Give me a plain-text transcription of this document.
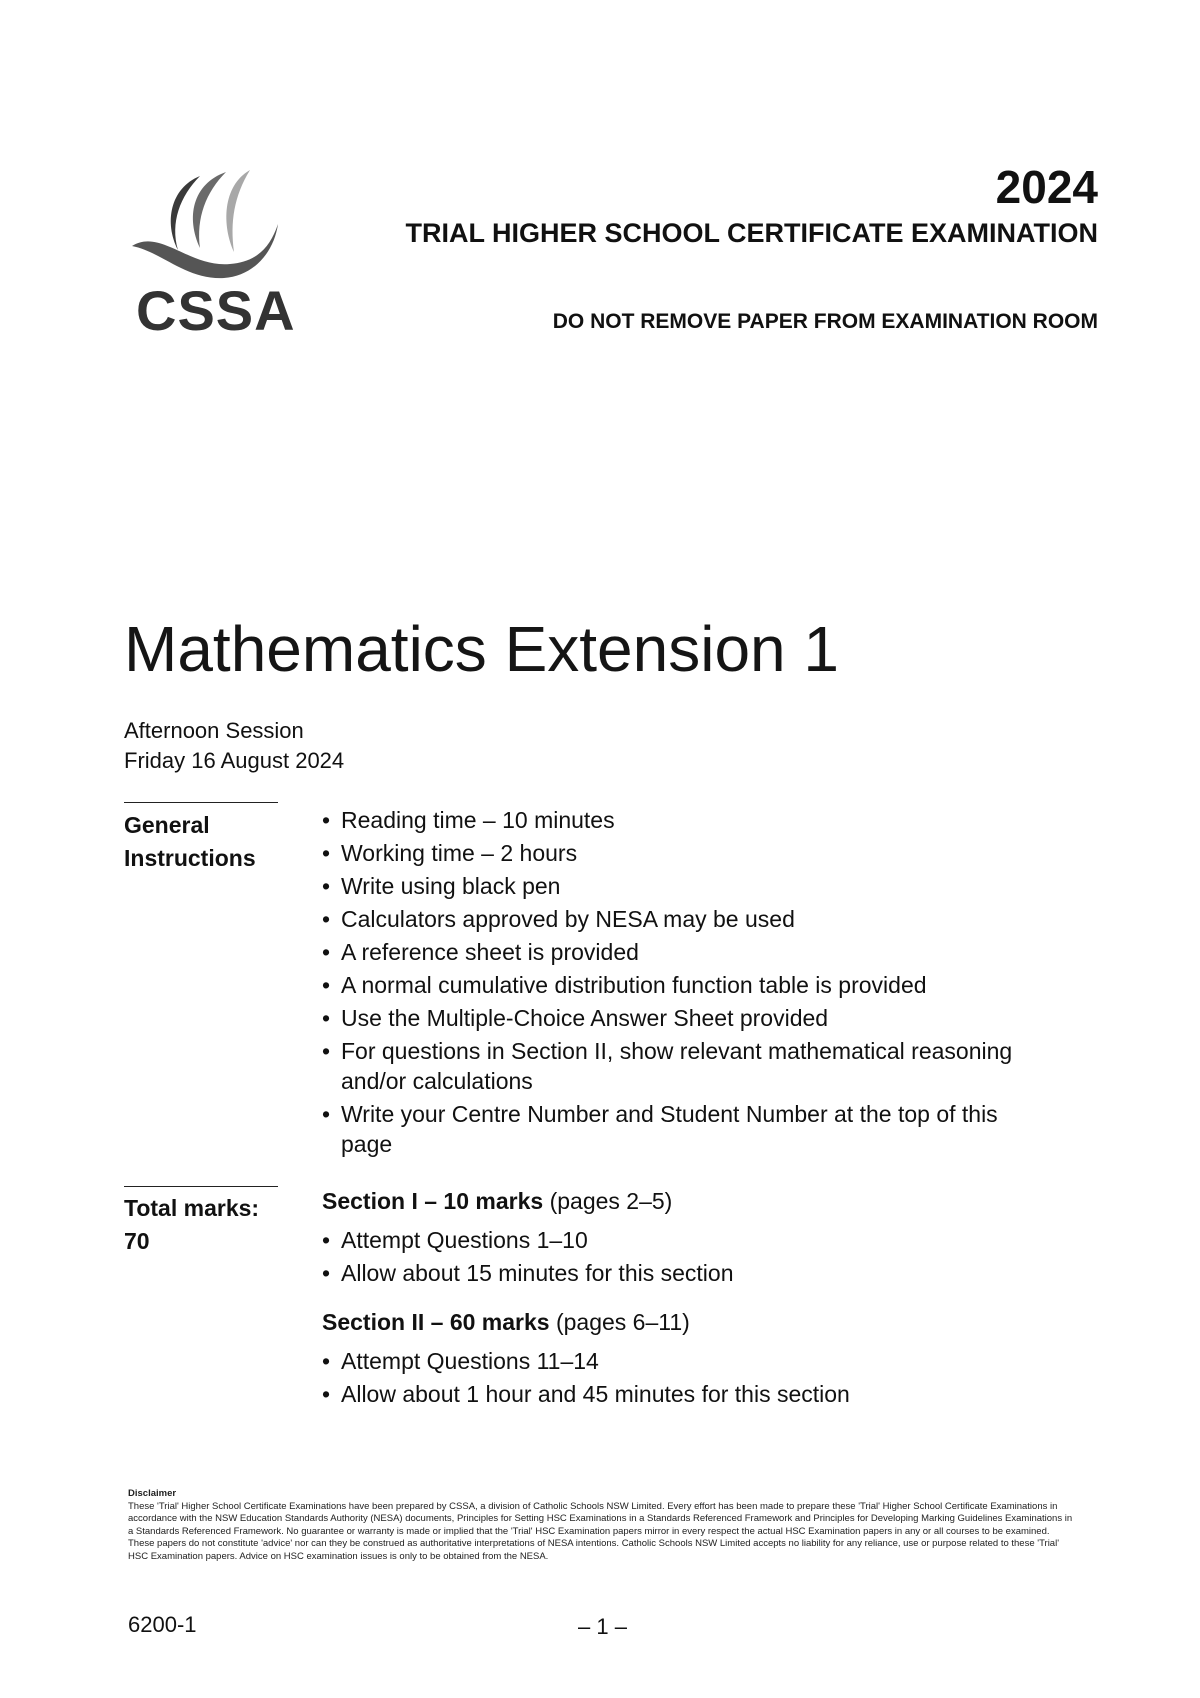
CSSA
2024
TRIAL HIGHER SCHOOL CERTIFICATE EXAMINATION
DO NOT REMOVE PAPER FROM EXAMINATION ROOM
Mathematics Extension 1
Afternoon Session
Friday 16 August 2024
General
Instructions
• Reading time – 10 minutes
• Working time – 2 hours
• Write using black pen
• Calculators approved by NESA may be used
• A reference sheet is provided
• A normal cumulative distribution function table is provided
• Use the Multiple-Choice Answer Sheet provided
• For questions in Section II, show relevant mathematical reasoning and/or calculations
• Write your Centre Number and Student Number at the top of this page
Total marks:
70
Section I – 10 marks (pages 2–5)
• Attempt Questions 1–10
• Allow about 15 minutes for this section
Section II – 60 marks (pages 6–11)
• Attempt Questions 11–14
• Allow about 1 hour and 45 minutes for this section
Disclaimer
These 'Trial' Higher School Certificate Examinations have been prepared by CSSA, a division of Catholic Schools NSW Limited. Every effort has been made to prepare these 'Trial' Higher School Certificate Examinations in accordance with the NSW Education Standards Authority (NESA) documents, Principles for Setting HSC Examinations in a Standards Referenced Framework and Principles for Developing Marking Guidelines Examinations in a Standards Referenced Framework. No guarantee or warranty is made or implied that the 'Trial' HSC Examination papers mirror in every respect the actual HSC Examination papers in any or all courses to be examined. These papers do not constitute 'advice' nor can they be construed as authoritative interpretations of NESA intentions. Catholic Schools NSW Limited accepts no liability for any reliance, use or purpose related to these 'Trial' HSC Examination papers. Advice on HSC examination issues is only to be obtained from the NESA.
6200-1	– 1 –
